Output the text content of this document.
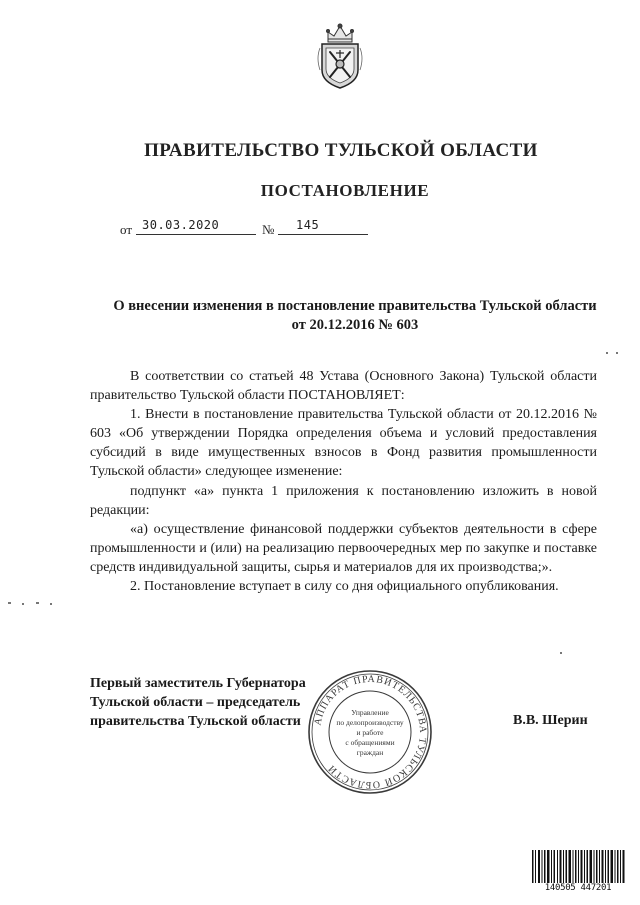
ПРАВИТЕЛЬСТВО ТУЛЬСКОЙ ОБЛАСТИ
ПОСТАНОВЛЕНИЕ
от 30.03.2020	№ 145
О внесении изменения в постановление правительства Тульской области от 20.12.2016 № 603

В соответствии со статьей 48 Устава (Основного Закона) Тульской области правительство Тульской области ПОСТАНОВЛЯЕТ:

1. Внести в постановление правительства Тульской области от 20.12.2016 № 603 «Об утверждении Порядка определения объема и условий предоставления субсидий в виде имущественных взносов в Фонд развития промышленности Тульской области» следующее изменение:

подпункт «а» пункта 1 приложения к постановлению изложить в новой редакции:

«а) осуществление финансовой поддержки субъектов деятельности в сфере промышленности и (или) на реализацию первоочередных мер по закупке и поставке средств индивидуальной защиты, сырья и материалов для их производства;».

2. Постановление вступает в силу со дня официального опубликования.

Первый заместитель Губернатора
Тульской области – председатель
правительства Тульской области	В.В. Шерин
АППАРАТ ПРАВИТЕЛЬСТВА ТУЛЬСКОЙ ОБЛАСТИ
Управление
по делопроизводству
и работе
с обращениями
граждан
140505 447201
